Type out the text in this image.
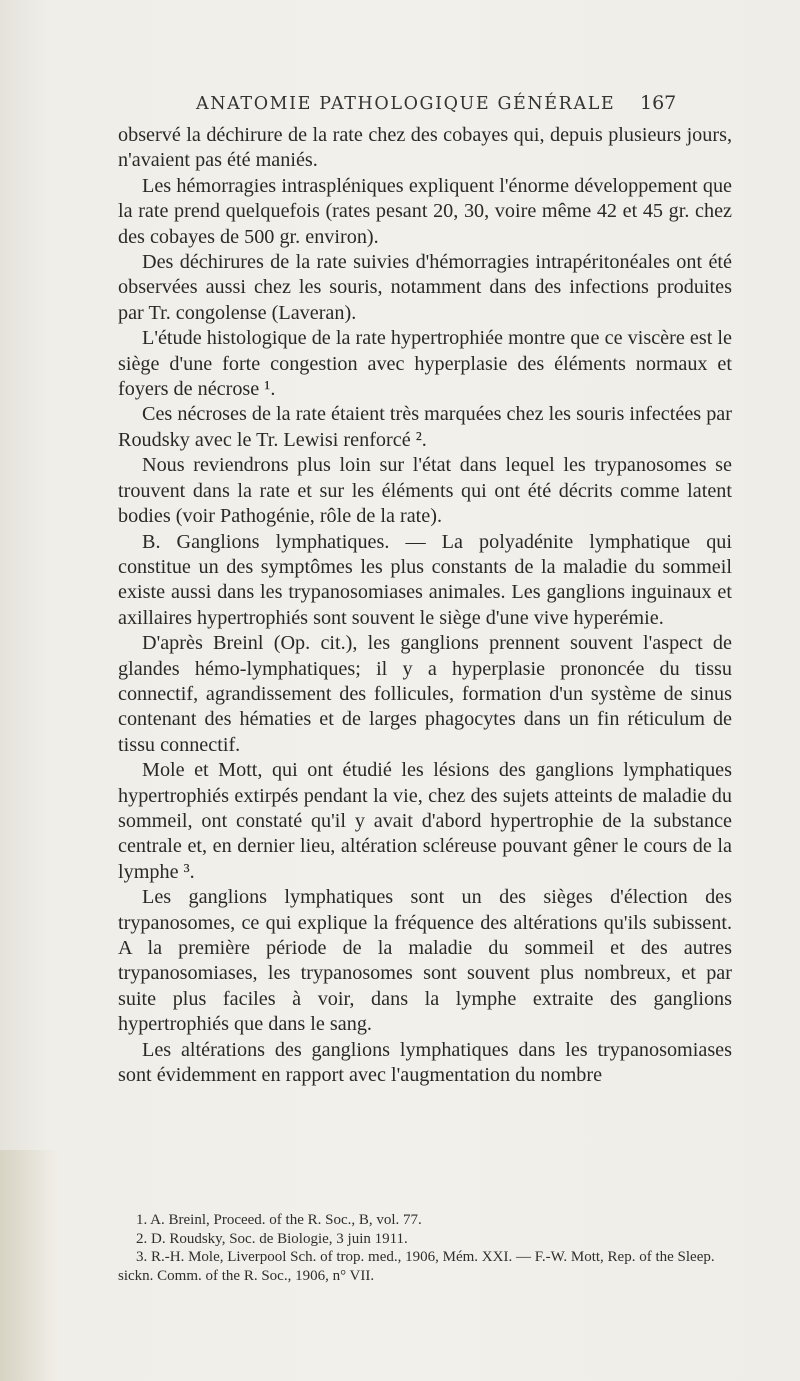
ANATOMIE PATHOLOGIQUE GÉNÉRALE 167

observé la déchirure de la rate chez des cobayes qui, depuis plusieurs jours, n'avaient pas été maniés.

Les hémorragies intraspléniques expliquent l'énorme développement que la rate prend quelquefois (rates pesant 20, 30, voire même 42 et 45 gr. chez des cobayes de 500 gr. environ).

Des déchirures de la rate suivies d'hémorragies intrapéritonéales ont été observées aussi chez les souris, notamment dans des infections produites par Tr. congolense (Laveran).

L'étude histologique de la rate hypertrophiée montre que ce viscère est le siège d'une forte congestion avec hyperplasie des éléments normaux et foyers de nécrose ¹.

Ces nécroses de la rate étaient très marquées chez les souris infectées par Roudsky avec le Tr. Lewisi renforcé ².

Nous reviendrons plus loin sur l'état dans lequel les trypanosomes se trouvent dans la rate et sur les éléments qui ont été décrits comme latent bodies (voir Pathogénie, rôle de la rate).

B. Ganglions lymphatiques. — La polyadénite lymphatique qui constitue un des symptômes les plus constants de la maladie du sommeil existe aussi dans les trypanosomiases animales. Les ganglions inguinaux et axillaires hypertrophiés sont souvent le siège d'une vive hyperémie.

D'après Breinl (Op. cit.), les ganglions prennent souvent l'aspect de glandes hémo-lymphatiques; il y a hyperplasie prononcée du tissu connectif, agrandissement des follicules, formation d'un système de sinus contenant des hématies et de larges phagocytes dans un fin réticulum de tissu connectif.

Mole et Mott, qui ont étudié les lésions des ganglions lymphatiques hypertrophiés extirpés pendant la vie, chez des sujets atteints de maladie du sommeil, ont constaté qu'il y avait d'abord hypertrophie de la substance centrale et, en dernier lieu, altération scléreuse pouvant gêner le cours de la lymphe ³.

Les ganglions lymphatiques sont un des sièges d'élection des trypanosomes, ce qui explique la fréquence des altérations qu'ils subissent. A la première période de la maladie du sommeil et des autres trypanosomiases, les trypanosomes sont souvent plus nombreux, et par suite plus faciles à voir, dans la lymphe extraite des ganglions hypertrophiés que dans le sang.

Les altérations des ganglions lymphatiques dans les trypanosomiases sont évidemment en rapport avec l'augmentation du nombre

1. A. Breinl, Proceed. of the R. Soc., B, vol. 77.
2. D. Roudsky, Soc. de Biologie, 3 juin 1911.
3. R.-H. Mole, Liverpool Sch. of trop. med., 1906, Mém. XXI. — F.-W. Mott, Rep. of the Sleep. sickn. Comm. of the R. Soc., 1906, n° VII.
